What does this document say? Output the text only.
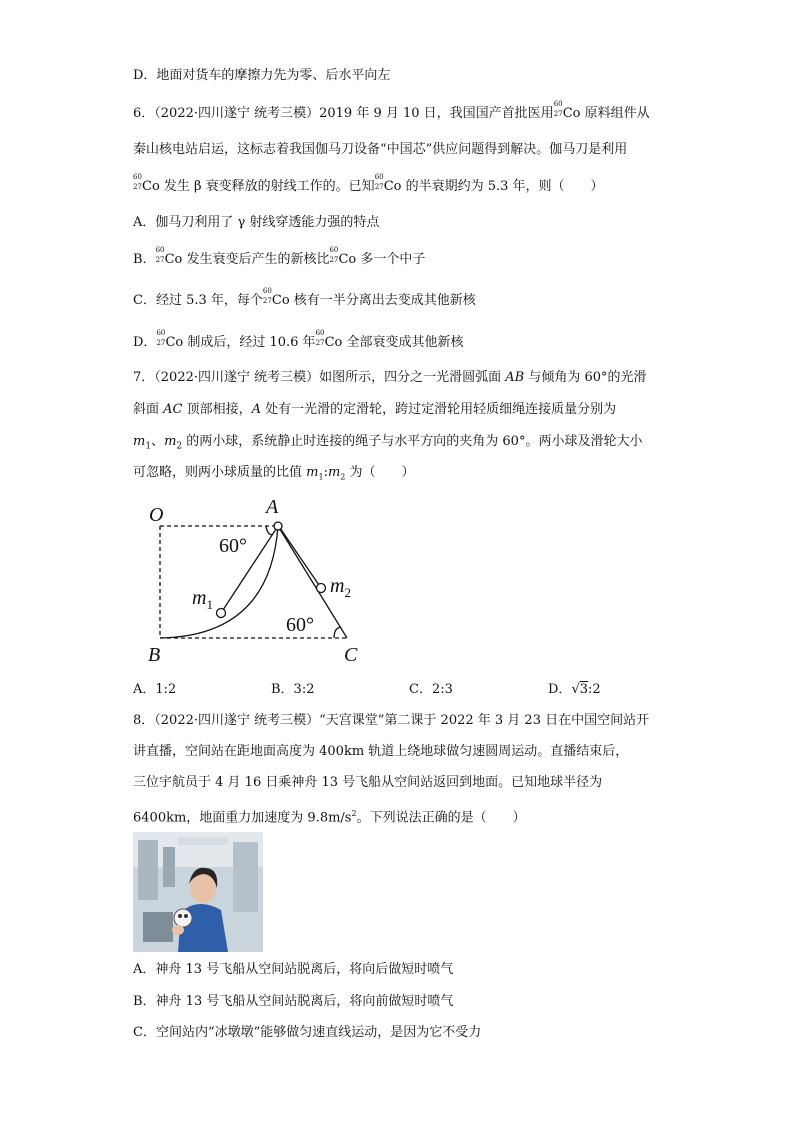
D．地面对货车的摩擦力先为零、后水平向左
6．（2022·四川遂宁 统考三模）2019 年 9 月 10 日，我国国产首批医用
60
27 Co 原料组件从
秦山核电站启运，这标志着我国伽马刀设备“中国芯”供应问题得到解决。伽马刀是利用
60
27 Co 发生 β 衰变释放的射线工作的。已知
60
27 Co 的半衰期约为 5.3 年，则（　　）
A．伽马刀利用了 γ 射线穿透能力强的特点
B．
60
27 Co 发生衰变后产生的新核比
60
27 Co 多一个中子
C．经过 5.3 年，每个
60
27 Co 核有一半分离出去变成其他新核
D．
60
27 Co 制成后，经过 10.6 年
60
27 Co 全部衰变成其他新核
7．（2022·四川遂宁 统考三模）如图所示，四分之一光滑圆弧面 AB 与倾角为 60°的光滑
斜面 AC 顶部相接，A 处有一光滑的定滑轮，跨过定滑轮用轻质细绳连接质量分别为
$m_1$、$m_2$ 的两小球，系统静止时连接的绳子与水平方向的夹角为 60°。两小球及滑轮大小
可忽略，则两小球质量的比值 $m_1:m_2$ 为（　　）
O	A
B	C
60°
60°
$m_1$
$m_2$
A．1:2	B．3:2	C．2:3	D．√3:2
8．（2022·四川遂宁 统考三模）“天宫课堂”第二课于 2022 年 3 月 23 日在中国空间站开
讲直播，空间站在距地面高度为 400km 轨道上绕地球做匀速圆周运动。直播结束后，
三位宇航员于 4 月 16 日乘神舟 13 号飞船从空间站返回到地面。已知地球半径为
6400km，地面重力加速度为 $9.8m/s^2$。下列说法正确的是（　　）
A．神舟 13 号飞船从空间站脱离后，将向后做短时喷气
B．神舟 13 号飞船从空间站脱离后，将向前做短时喷气
C．空间站内“冰墩墩”能够做匀速直线运动，是因为它不受力
